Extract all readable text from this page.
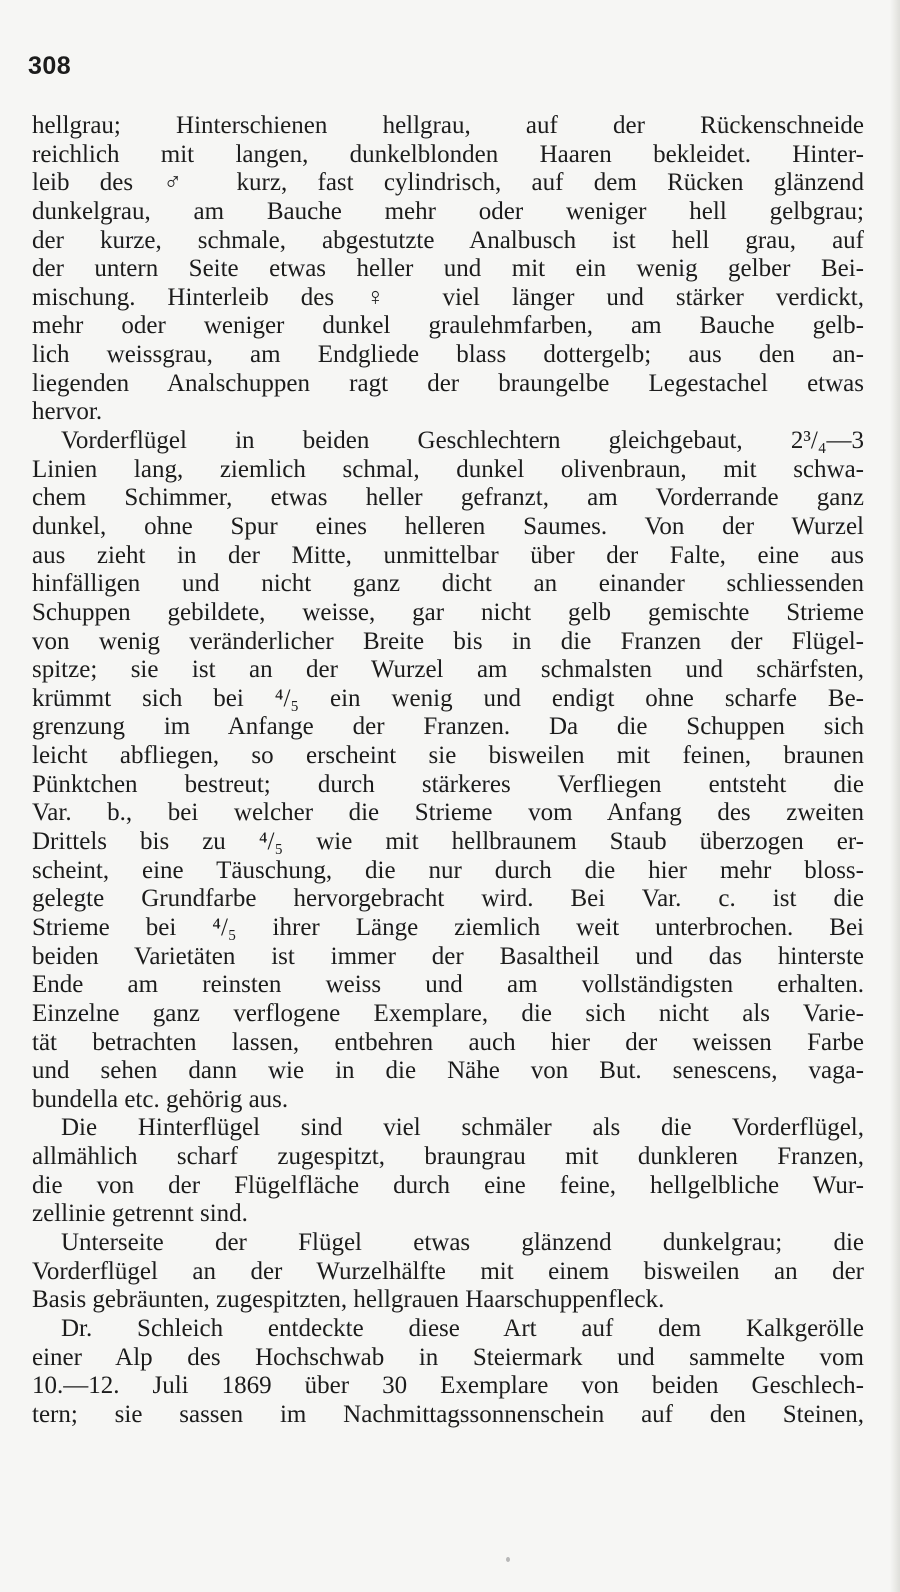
308
hellgrau; Hinterschienen hellgrau, auf der Rückenschneide
reichlich mit langen, dunkelblonden Haaren bekleidet. Hinter-
leib des ♂ kurz, fast cylindrisch, auf dem Rücken glänzend
dunkelgrau, am Bauche mehr oder weniger hell gelbgrau;
der kurze, schmale, abgestutzte Analbusch ist hell grau, auf
der untern Seite etwas heller und mit ein wenig gelber Bei-
mischung. Hinterleib des ♀ viel länger und stärker verdickt,
mehr oder weniger dunkel graulehmfarben, am Bauche gelb-
lich weissgrau, am Endgliede blass dottergelb; aus den an-
liegenden Analschuppen ragt der braungelbe Legestachel etwas
hervor.
Vorderflügel in beiden Geschlechtern gleichgebaut, 2³/₄—3
Linien lang, ziemlich schmal, dunkel olivenbraun, mit schwa-
chem Schimmer, etwas heller gefranzt, am Vorderrande ganz
dunkel, ohne Spur eines helleren Saumes. Von der Wurzel
aus zieht in der Mitte, unmittelbar über der Falte, eine aus
hinfälligen und nicht ganz dicht an einander schliessenden
Schuppen gebildete, weisse, gar nicht gelb gemischte Strieme
von wenig veränderlicher Breite bis in die Franzen der Flügel-
spitze; sie ist an der Wurzel am schmalsten und schärfsten,
krümmt sich bei ⁴/₅ ein wenig und endigt ohne scharfe Be-
grenzung im Anfange der Franzen. Da die Schuppen sich
leicht abfliegen, so erscheint sie bisweilen mit feinen, braunen
Pünktchen bestreut; durch stärkeres Verfliegen entsteht die
Var. b., bei welcher die Strieme vom Anfang des zweiten
Drittels bis zu ⁴/₅ wie mit hellbraunem Staub überzogen er-
scheint, eine Täuschung, die nur durch die hier mehr bloss-
gelegte Grundfarbe hervorgebracht wird. Bei Var. c. ist die
Strieme bei ⁴/₅ ihrer Länge ziemlich weit unterbrochen. Bei
beiden Varietäten ist immer der Basaltheil und das hinterste
Ende am reinsten weiss und am vollständigsten erhalten.
Einzelne ganz verflogene Exemplare, die sich nicht als Varie-
tät betrachten lassen, entbehren auch hier der weissen Farbe
und sehen dann wie in die Nähe von But. senescens, vaga-
bundella etc. gehörig aus.
Die Hinterflügel sind viel schmäler als die Vorderflügel,
allmählich scharf zugespitzt, braungrau mit dunkleren Franzen,
die von der Flügelfläche durch eine feine, hellgelbliche Wur-
zellinie getrennt sind.
Unterseite der Flügel etwas glänzend dunkelgrau; die
Vorderflügel an der Wurzelhälfte mit einem bisweilen an der
Basis gebräunten, zugespitzten, hellgrauen Haarschuppenfleck.
Dr. Schleich entdeckte diese Art auf dem Kalkgerölle
einer Alp des Hochschwab in Steiermark und sammelte vom
10.—12. Juli 1869 über 30 Exemplare von beiden Geschlech-
tern; sie sassen im Nachmittagssonnenschein auf den Steinen,
